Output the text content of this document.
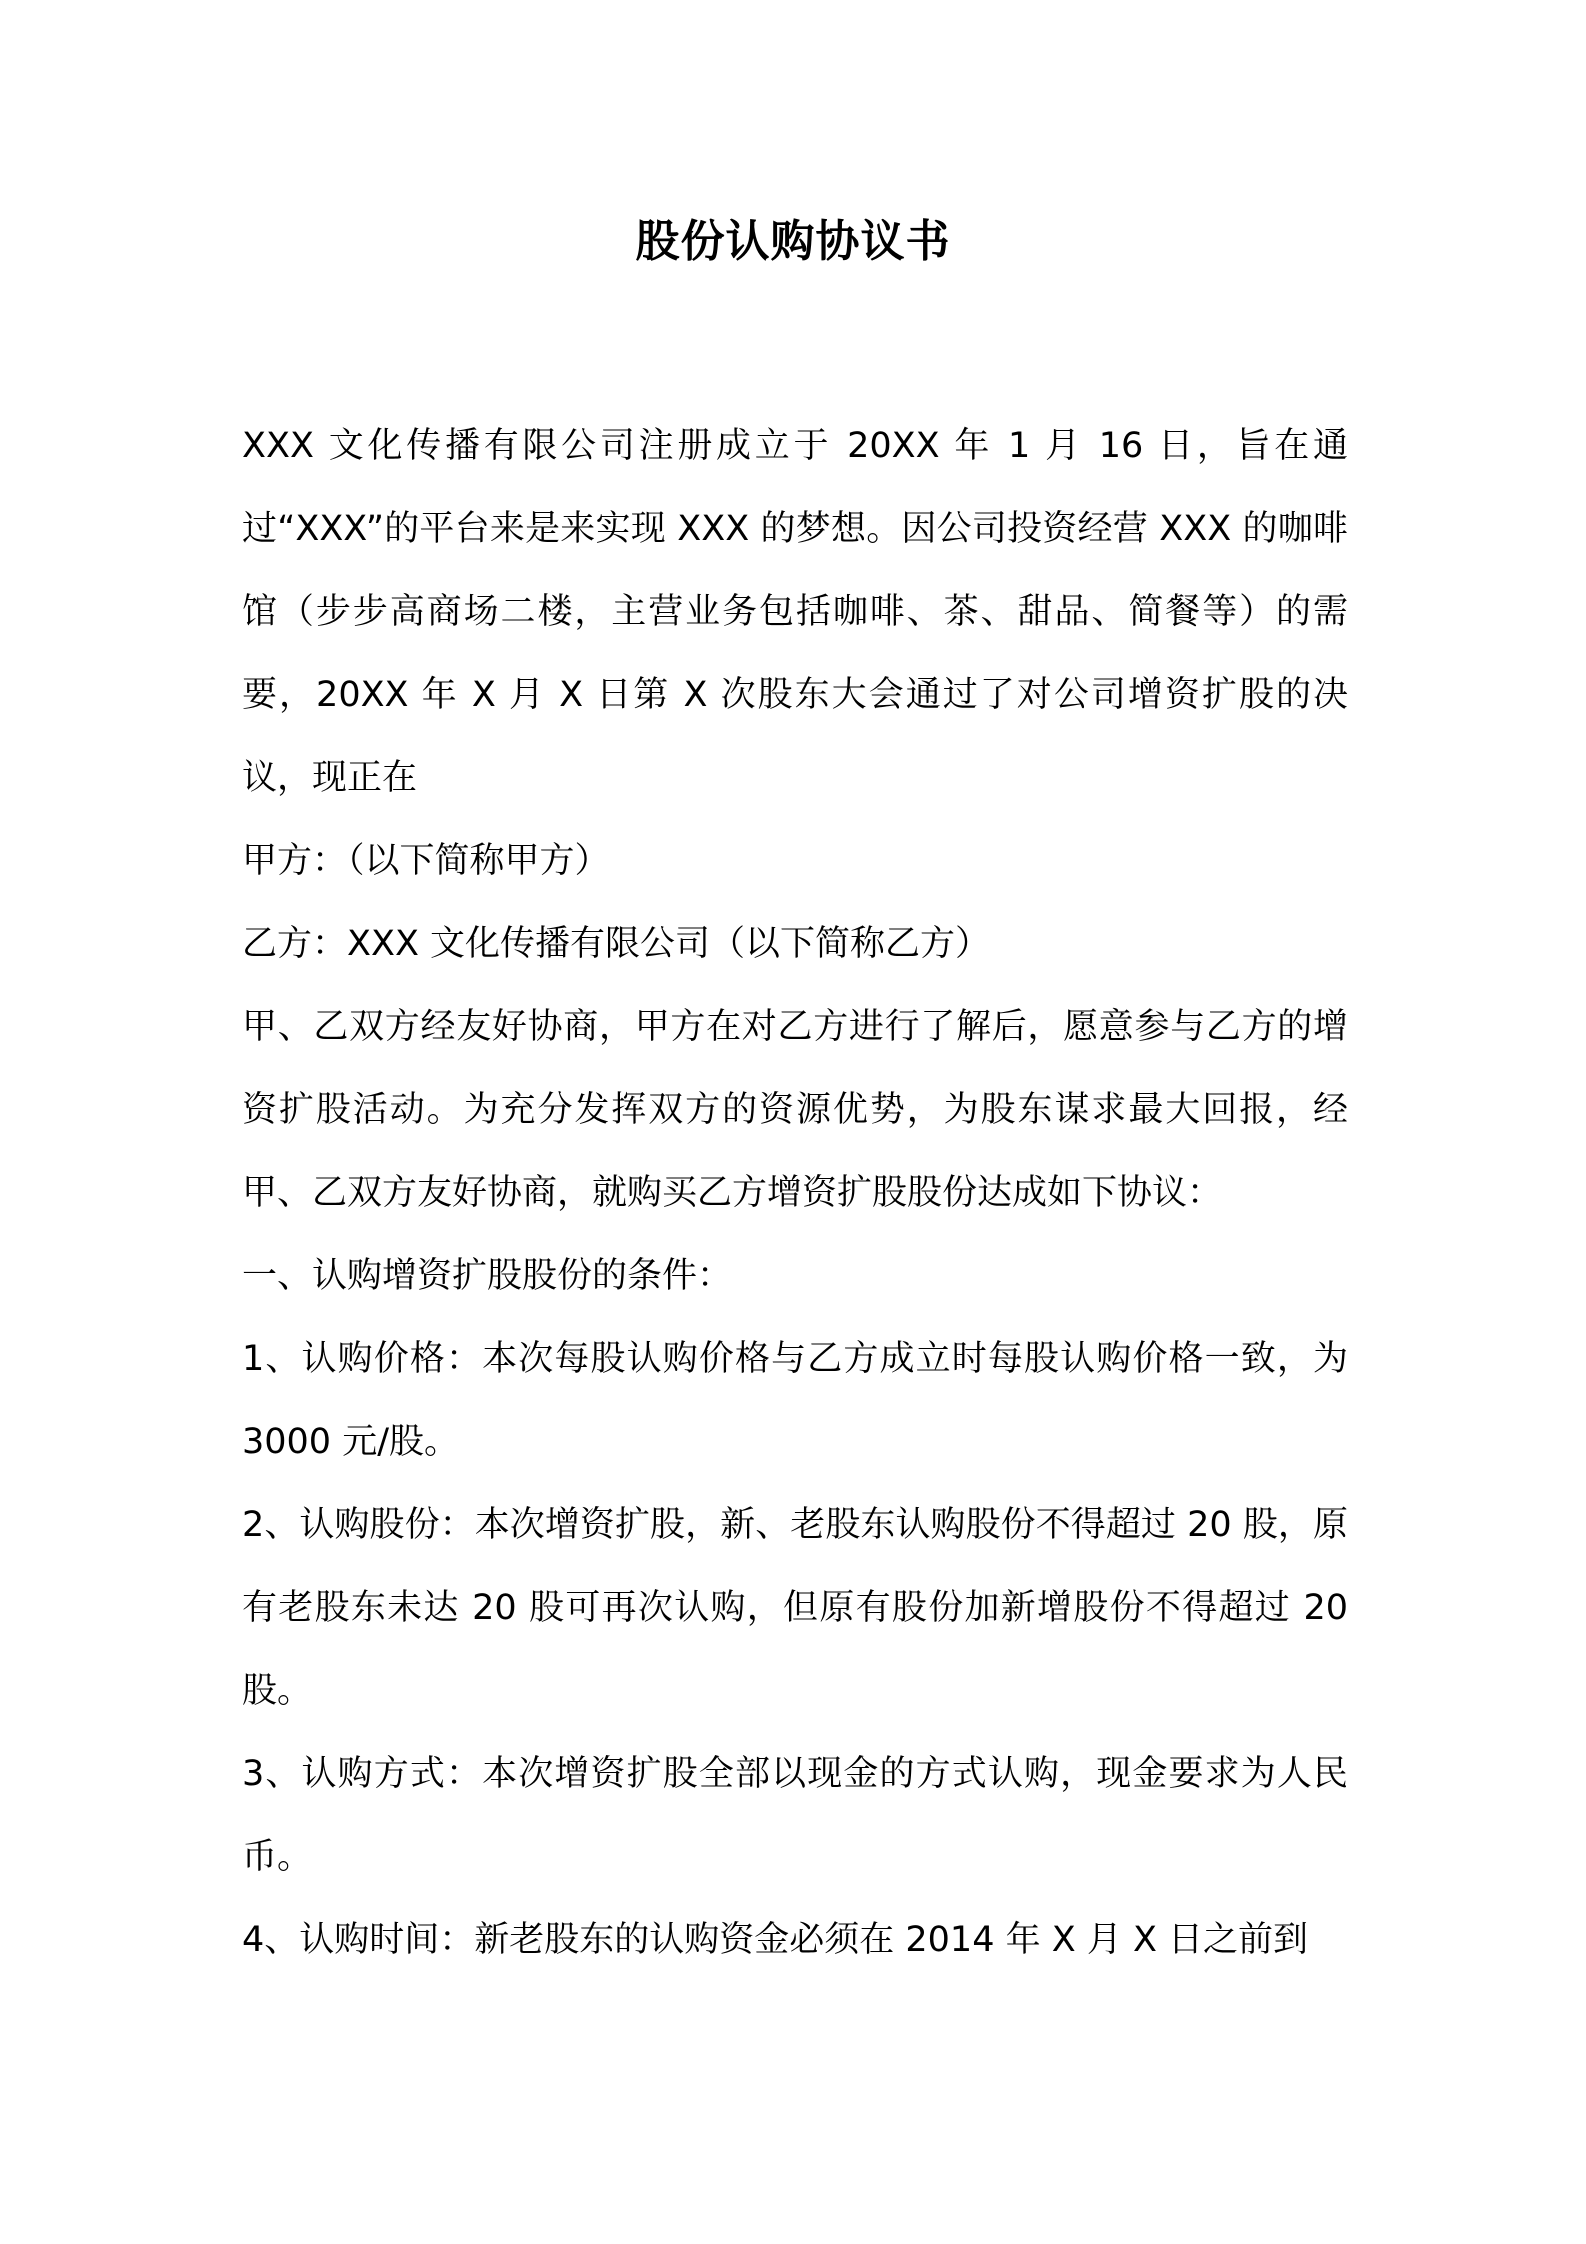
股份认购协议书

XXX 文化传播有限公司注册成立于 20XX 年 1 月 16 日，旨在通过“XXX”的平台来是来实现 XXX 的梦想。因公司投资经营 XXX 的咖啡馆（步步高商场二楼，主营业务包括咖啡、茶、甜品、简餐等）的需要，20XX 年 X 月 X 日第 X 次股东大会通过了对公司增资扩股的决议，现正在

甲方：（以下简称甲方）

乙方：XXX 文化传播有限公司（以下简称乙方）

甲、乙双方经友好协商，甲方在对乙方进行了解后，愿意参与乙方的增资扩股活动。为充分发挥双方的资源优势，为股东谋求最大回报，经甲、乙双方友好协商，就购买乙方增资扩股股份达成如下协议：

一、认购增资扩股股份的条件：

1、认购价格：本次每股认购价格与乙方成立时每股认购价格一致，为 3000 元/股。

2、认购股份：本次增资扩股，新、老股东认购股份不得超过 20 股，原有老股东未达 20 股可再次认购，但原有股份加新增股份不得超过 20 股。

3、认购方式：本次增资扩股全部以现金的方式认购，现金要求为人民币。

4、认购时间：新老股东的认购资金必须在 2014 年 X 月 X 日之前到
